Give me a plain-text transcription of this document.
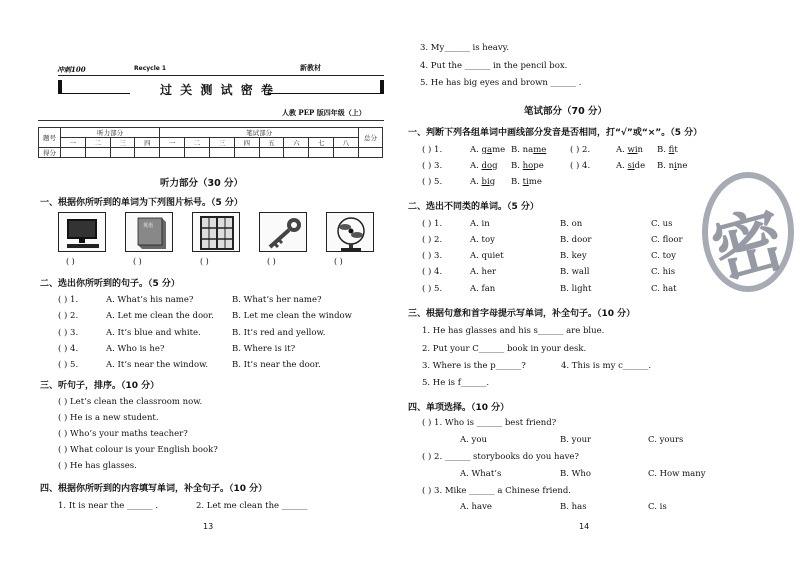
冲刺100	Recycle 1	新教材
过 关 测 试 密 卷
人教 PEP 版四年级（上）
题号	听力部分				笔试部分								总分
	一	二	三	四	一	二	三	四	五	六	七	八	
得分													
听力部分（30 分）
一、根据你所听到的单词为下列图片标号。（5 分）
英语
( )	( )	( )	( )	( )
二、选出你所听到的句子。（5 分）
( ) 1.	A. What’s his name?	B. What’s her name?
( ) 2.	A. Let me clean the door. B. Let me clean the window
( ) 3.	A. It’s blue and white.	B. It’s red and yellow.
( ) 4.	A. Who is he?	B. Where is it?
( ) 5.	A. It’s near the window.	B. It’s near the door.
三、听句子，排序。（10 分）
( ) Let’s clean the classroom now.
( ) He is a new student.
( ) Who’s your maths teacher?
( ) What colour is your English book?
( ) He has glasses.
四、根据你所听到的内容填写单词，补全句子。（10 分）
1. It is near the ______ .	2. Let me clean the ______
13
3. My______ is heavy.
4. Put the ______ in the pencil box.
5. He has big eyes and brown ______ .
笔试部分（70 分）
一、判断下列各组单词中画线部分发音是否相同，打“√”或“×”。（5 分）
( ) 1.	A. game B. name	( ) 2.	A. win B. fit
( ) 3.	A. dog B. hope	( ) 4.	A. side B. nine
( ) 5.	A. big B. time
二、选出不同类的单词。（5 分）
( ) 1.	A. in	B. on	C. us
( ) 2.	A. toy	B. door	C. floor
( ) 3.	A. quiet	B. key	C. toy
( ) 4.	A. her	B. wall	C. his
( ) 5.	A. fan	B. light	C. hat
三、根据句意和首字母提示写单词，补全句子。（10 分）
1. He has glasses and his s______ are blue.
2. Put your C______ book in your desk.
3. Where is the p______?	4. This is my c______.
5. He is f______.
四、单项选择。（10 分）
( ) 1. Who is ______ best friend?
A. you	B. your	C. yours
( ) 2. ______ storybooks do you have?
A. What’s	B. Who	C. How many
( ) 3. Mike ______ a Chinese friend.
A. have	B. has	C. is
14
密
